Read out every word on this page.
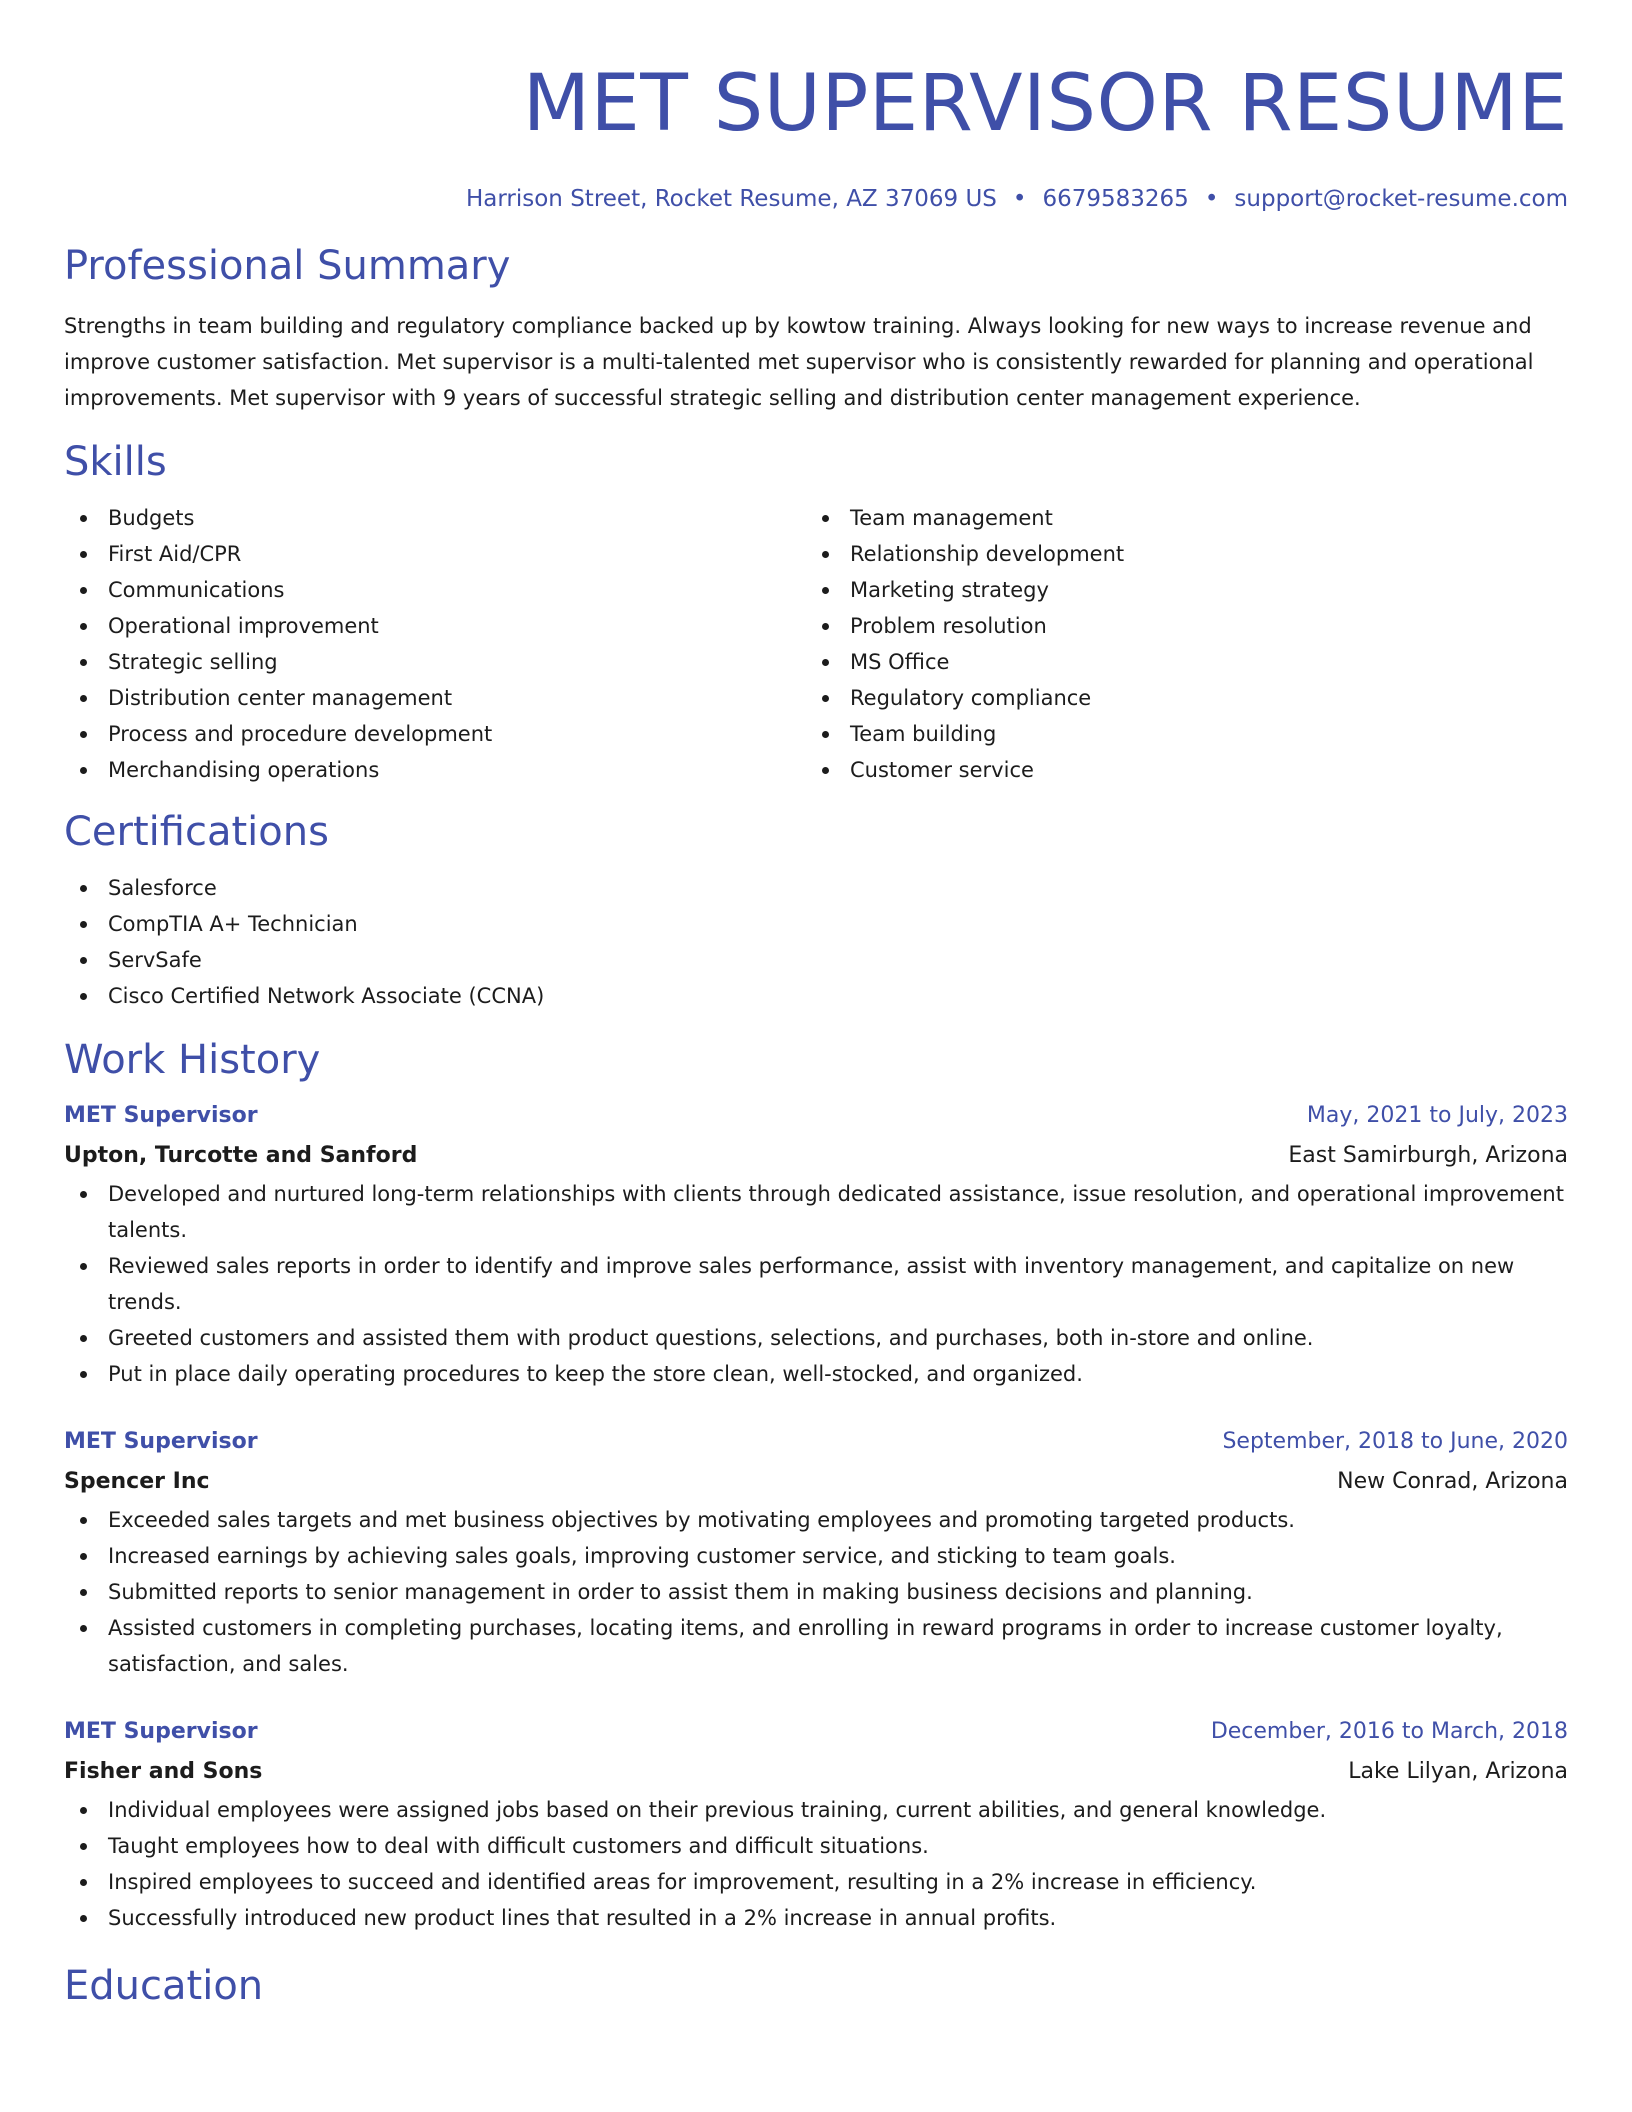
MET SUPERVISOR RESUME
Harrison Street, Rocket Resume, AZ 37069 US • 6679583265 • support@rocket-resume.com
Professional Summary

Strengths in team building and regulatory compliance backed up by kowtow training. Always looking for new ways to increase revenue and improve customer satisfaction. Met supervisor is a multi-talented met supervisor who is consistently rewarded for planning and operational improvements. Met supervisor with 9 years of successful strategic selling and distribution center management experience.

Skills
Budgets
First Aid/CPR
Communications
Operational improvement
Strategic selling
Distribution center management
Process and procedure development
Merchandising operations
Team management
Relationship development
Marketing strategy
Problem resolution
MS Office
Regulatory compliance
Team building
Customer service
Certifications
Salesforce
CompTIA A+ Technician
ServSafe
Cisco Certified Network Associate (CCNA)
Work History
MET Supervisor	May, 2021 to July, 2023
Upton, Turcotte and Sanford	East Samirburgh, Arizona
Developed and nurtured long-term relationships with clients through dedicated assistance, issue resolution, and operational improvement talents.
Reviewed sales reports in order to identify and improve sales performance, assist with inventory management, and capitalize on new trends.
Greeted customers and assisted them with product questions, selections, and purchases, both in-store and online.
Put in place daily operating procedures to keep the store clean, well-stocked, and organized.
MET Supervisor	September, 2018 to June, 2020
Spencer Inc	New Conrad, Arizona
Exceeded sales targets and met business objectives by motivating employees and promoting targeted products.
Increased earnings by achieving sales goals, improving customer service, and sticking to team goals.
Submitted reports to senior management in order to assist them in making business decisions and planning.
Assisted customers in completing purchases, locating items, and enrolling in reward programs in order to increase customer loyalty, satisfaction, and sales.
MET Supervisor	December, 2016 to March, 2018
Fisher and Sons	Lake Lilyan, Arizona
Individual employees were assigned jobs based on their previous training, current abilities, and general knowledge.
Taught employees how to deal with difficult customers and difficult situations.
Inspired employees to succeed and identified areas for improvement, resulting in a 2% increase in efficiency.
Successfully introduced new product lines that resulted in a 2% increase in annual profits.
Education
